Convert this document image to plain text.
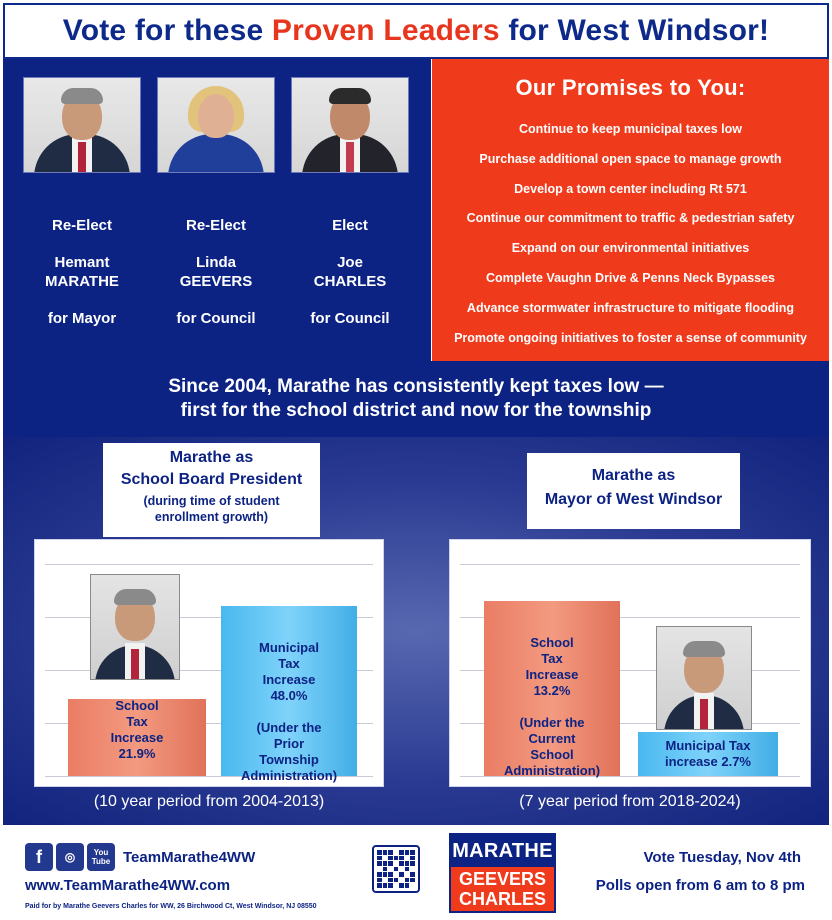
Vote for these Proven Leaders for West Windsor!
Re-Elect
Hemant
MARATHE
for Mayor
Re-Elect
Linda
GEEVERS
for Council
Elect
Joe
CHARLES
for Council
Our Promises to You:
Continue to keep municipal taxes low
Purchase additional open space to manage growth
Develop a town center including Rt 571
Continue our commitment to traffic & pedestrian safety
Expand on our environmental initiatives
Complete Vaughn Drive & Penns Neck Bypasses
Advance stormwater infrastructure to mitigate flooding
Promote ongoing initiatives to foster a sense of community

Since 2004, Marathe has consistently kept taxes low —

first for the school district and now for the township

Marathe as
School Board President
(during time of student
enrollment growth)
School
Tax
Increase
21.9%
Municipal
Tax
Increase
48.0%

(Under the
Prior
Township
Administration)
(10 year period from 2004-2013)
Marathe as
Mayor of West Windsor
School
Tax
Increase
13.2%

(Under the
Current
School
Administration)
Municipal Tax
increase 2.7%
(7 year period from 2018-2024)
f	◎	You
Tube TeamMarathe4WW
www.TeamMarathe4WW.com
Paid for by Marathe Geevers Charles for WW, 26 Birchwood Ct, West Windsor, NJ 08550
MARATHE
GEEVERS
CHARLES
Vote Tuesday, Nov 4th
Polls open from 6 am to 8 pm
